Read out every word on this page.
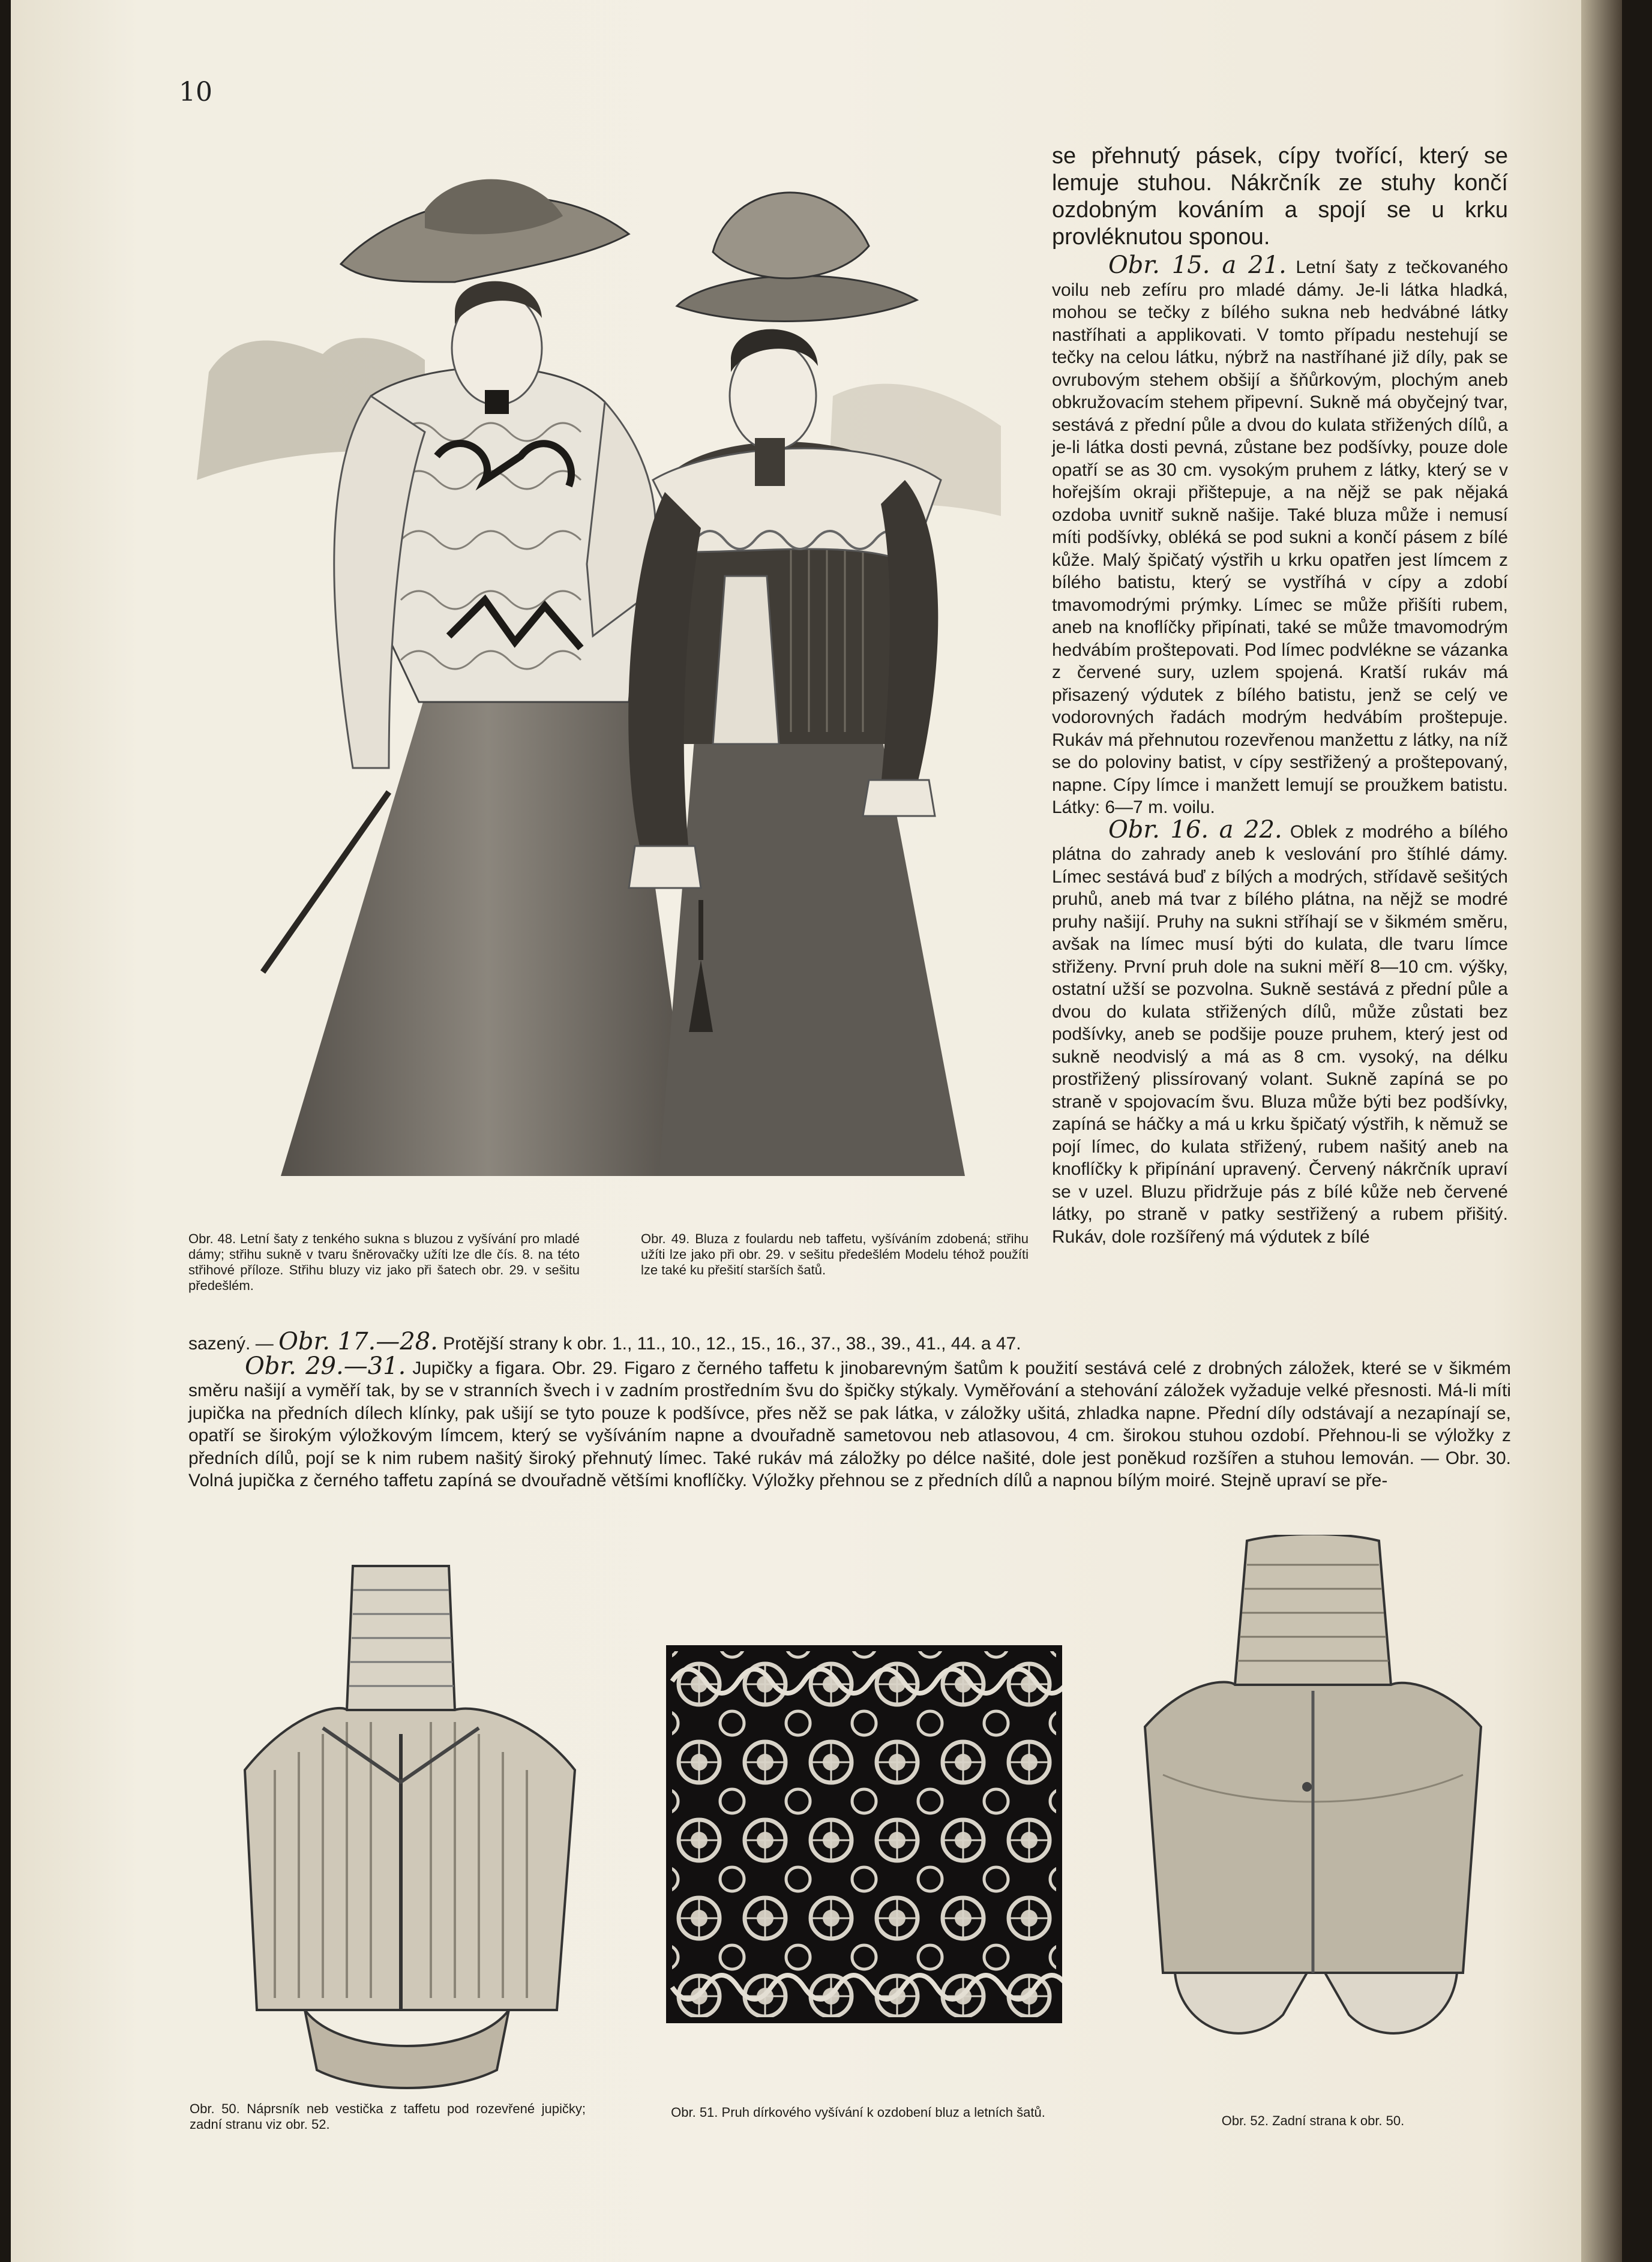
10
Obr. 48. Letní šaty z tenkého sukna s bluzou z vyšívání pro mladé dámy; střihu sukně v tvaru šněrovačky užíti lze dle čís. 8. na této střihové příloze. Střihu bluzy viz jako při šatech obr. 29. v sešitu předešlém.
Obr. 49. Bluza z foulardu neb taffetu, vyšíváním zdobená; střihu užíti lze jako při obr. 29. v sešitu předešlém Modelu téhož použíti lze také ku přešití starších šatů.

se přehnutý pásek, cípy tvořící, který se lemuje stuhou. Nákrčník ze stuhy končí ozdobným kováním a spojí se u krku provléknutou sponou.

Obr. 15. a 21. Letní šaty z tečkovaného voilu neb zefíru pro mladé dámy. Je-li látka hladká, mohou se tečky z bílého sukna neb hedvábné látky nastříhati a applikovati. V tomto případu nestehují se tečky na celou látku, nýbrž na nastříhané již díly, pak se ovrubovým stehem obšijí a šňůrkovým, plochým aneb obkružovacím stehem připevní. Sukně má obyčejný tvar, sestává z přední půle a dvou do kulata střižených dílů, a je-li látka dosti pevná, zůstane bez podšívky, pouze dole opatří se as 30 cm. vysokým pruhem z látky, který se v hořejším okraji přištepuje, a na nějž se pak nějaká ozdoba uvnitř sukně našije. Také bluza může i nemusí míti podšívky, obléká se pod sukni a končí pásem z bílé kůže. Malý špičatý výstřih u krku opatřen jest límcem z bílého batistu, který se vystříhá v cípy a zdobí tmavomodrými prýmky. Límec se může přišíti rubem, aneb na knoflíčky připínati, také se může tmavomodrým hedvábím proštepovati. Pod límec podvlékne se vázanka z červené sury, uzlem spojená. Kratší rukáv má přisazený výdutek z bílého batistu, jenž se celý ve vodorovných řadách modrým hedvábím proštepuje. Rukáv má přehnutou rozevřenou manžettu z látky, na níž se do poloviny batist, v cípy sestřižený a proštepovaný, napne. Cípy límce i manžett lemují se proužkem batistu. Látky: 6—7 m. voilu.

Obr. 16. a 22. Oblek z modrého a bílého plátna do zahrady aneb k veslování pro štíhlé dámy. Límec sestává buď z bílých a modrých, střídavě sešitých pruhů, aneb má tvar z bílého plátna, na nějž se modré pruhy našijí. Pruhy na sukni stříhají se v šikmém směru, avšak na límec musí býti do kulata, dle tvaru límce střiženy. První pruh dole na sukni měří 8—10 cm. výšky, ostatní užší se pozvolna. Sukně sestává z přední půle a dvou do kulata střižených dílů, může zůstati bez podšívky, aneb se podšije pouze pruhem, který jest od sukně neodvislý a má as 8 cm. vysoký, na délku prostřižený plissírovaný volant. Sukně zapíná se po straně v spojovacím švu. Bluza může býti bez podšívky, zapíná se háčky a má u krku špičatý výstřih, k němuž se pojí límec, do kulata střižený, rubem našitý aneb na knoflíčky k připínání upravený. Červený nákrčník upraví se v uzel. Bluzu přidržuje pás z bílé kůže neb červené látky, po straně v patky sestřižený a rubem přišitý. Rukáv, dole rozšířený má výdutek z bílé

sazený. — Obr. 17.—28. Protější strany k obr. 1., 11., 10., 12., 15., 16., 37., 38., 39., 41., 44. a 47.

Obr. 29.—31. Jupičky a figara. Obr. 29. Figaro z černého taffetu k jinobarevným šatům k použití sestává celé z drobných záložek, které se v šikmém směru našijí a vyměří tak, by se v stranních švech i v zadním prostředním švu do špičky stýkaly. Vyměřování a stehování záložek vyžaduje velké přesnosti. Má-li míti jupička na předních dílech klínky, pak ušijí se tyto pouze k podšívce, přes něž se pak látka, v záložky ušitá, zhladka napne. Přední díly odstávají a nezapínají se, opatří se širokým výložkovým límcem, který se vyšíváním napne a dvouřadně sametovou neb atlasovou, 4 cm. širokou stuhou ozdobí. Přehnou-li se výložky z předních dílů, pojí se k nim rubem našitý široký přehnutý límec. Také rukáv má záložky po délce našité, dole jest poněkud rozšířen a stuhou lemován. — Obr. 30. Volná jupička z černého taffetu zapíná se dvouřadně většími knoflíčky. Výložky přehnou se z předních dílů a napnou bílým moiré. Stejně upraví se pře-

Obr. 50. Náprsník neb vestička z taffetu pod rozevřené jupičky; zadní stranu viz obr. 52.
Obr. 51. Pruh dírkového vyšívání k ozdobení bluz a letních šatů.
Obr. 52. Zadní strana k obr. 50.
